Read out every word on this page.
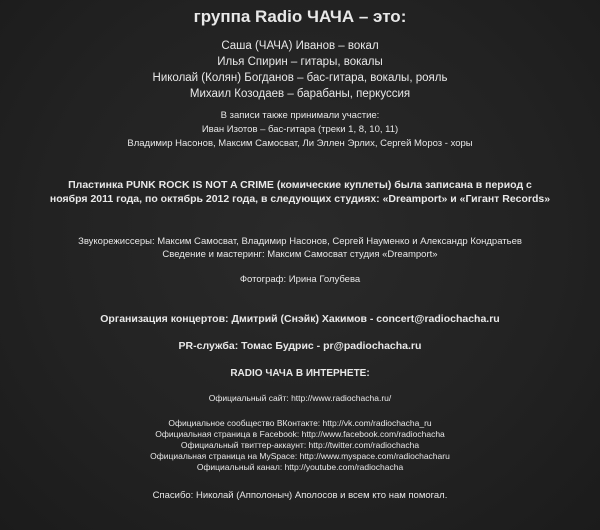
группа Radio ЧАЧА – это:
Саша (ЧАЧА) Иванов – вокал
Илья Спирин – гитары, вокалы
Николай (Колян) Богданов – бас-гитара, вокалы, рояль
Михаил Козодаев – барабаны, перкуссия
В записи также принимали участие:
Иван Изотов – бас-гитара (треки 1, 8, 10, 11)
Владимир Насонов, Максим Самосват, Ли Эллен Эрлих, Сергей Мороз - хоры
Пластинка PUNK ROCK IS NOT A CRIME (комические куплеты) была записана в период с
ноября 2011 года, по октябрь 2012 года, в следующих студиях: «Dreamport» и «Гигант Records»
Звукорежиссеры: Максим Самосват, Владимир Насонов, Сергей Науменко и Александр Кондратьев
Сведение и мастеринг: Максим Самосват студия «Dreamport»
Фотограф: Ирина Голубева
Организация концертов: Дмитрий (Снэйк) Хакимов - concert@radiochacha.ru
PR-служба: Томас Будрис - pr@padiochacha.ru
RADIO ЧАЧА В ИНТЕРНЕТЕ:
Официальный сайт: http://www.radiochacha.ru/
Официальное сообщество ВКонтакте: http://vk.com/radiochacha_ru
Официальная страница в Facebook: http://www.facebook.com/radiochacha
Официальный твиттер-аккаунт: http://twitter.com/radiochacha
Официальная страница на MySpace: http://www.myspace.com/radiochacharu
Официальный канал: http://youtube.com/radiochacha
Спасибо: Николай (Апполоныч) Аполосов и всем кто нам помогал.
